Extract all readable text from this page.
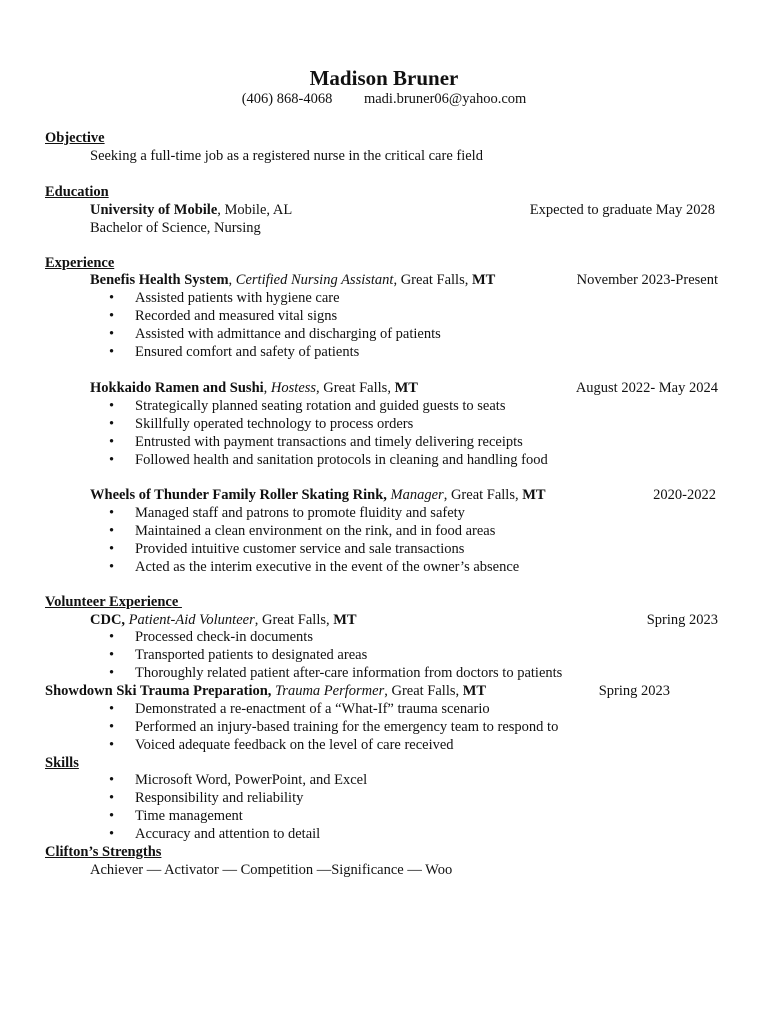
Madison Bruner
(406) 868-4068 madi.bruner06@yahoo.com
Objective
Seeking a full-time job as a registered nurse in the critical care field
Education
University of Mobile, Mobile, AL	Expected to graduate May 2028
Bachelor of Science, Nursing
Experience
Benefis Health System, Certified Nursing Assistant, Great Falls, MT	November 2023-Present
• Assisted patients with hygiene care
• Recorded and measured vital signs
• Assisted with admittance and discharging of patients
• Ensured comfort and safety of patients
Hokkaido Ramen and Sushi, Hostess, Great Falls, MT	August 2022- May 2024
• Strategically planned seating rotation and guided guests to seats
• Skillfully operated technology to process orders
• Entrusted with payment transactions and timely delivering receipts
• Followed health and sanitation protocols in cleaning and handling food
Wheels of Thunder Family Roller Skating Rink, Manager, Great Falls, MT	2020-2022
• Managed staff and patrons to promote fluidity and safety
• Maintained a clean environment on the rink, and in food areas
• Provided intuitive customer service and sale transactions
• Acted as the interim executive in the event of the owner’s absence
Volunteer Experience
CDC, Patient-Aid Volunteer, Great Falls, MT	Spring 2023
• Processed check-in documents
• Transported patients to designated areas
• Thoroughly related patient after-care information from doctors to patients
Showdown Ski Trauma Preparation, Trauma Performer, Great Falls, MT	Spring 2023
• Demonstrated a re-enactment of a “What-If” trauma scenario
• Performed an injury-based training for the emergency team to respond to
• Voiced adequate feedback on the level of care received
Skills
• Microsoft Word, PowerPoint, and Excel
• Responsibility and reliability
• Time management
• Accuracy and attention to detail
Clifton’s Strengths
Achiever — Activator — Competition —Significance — Woo
